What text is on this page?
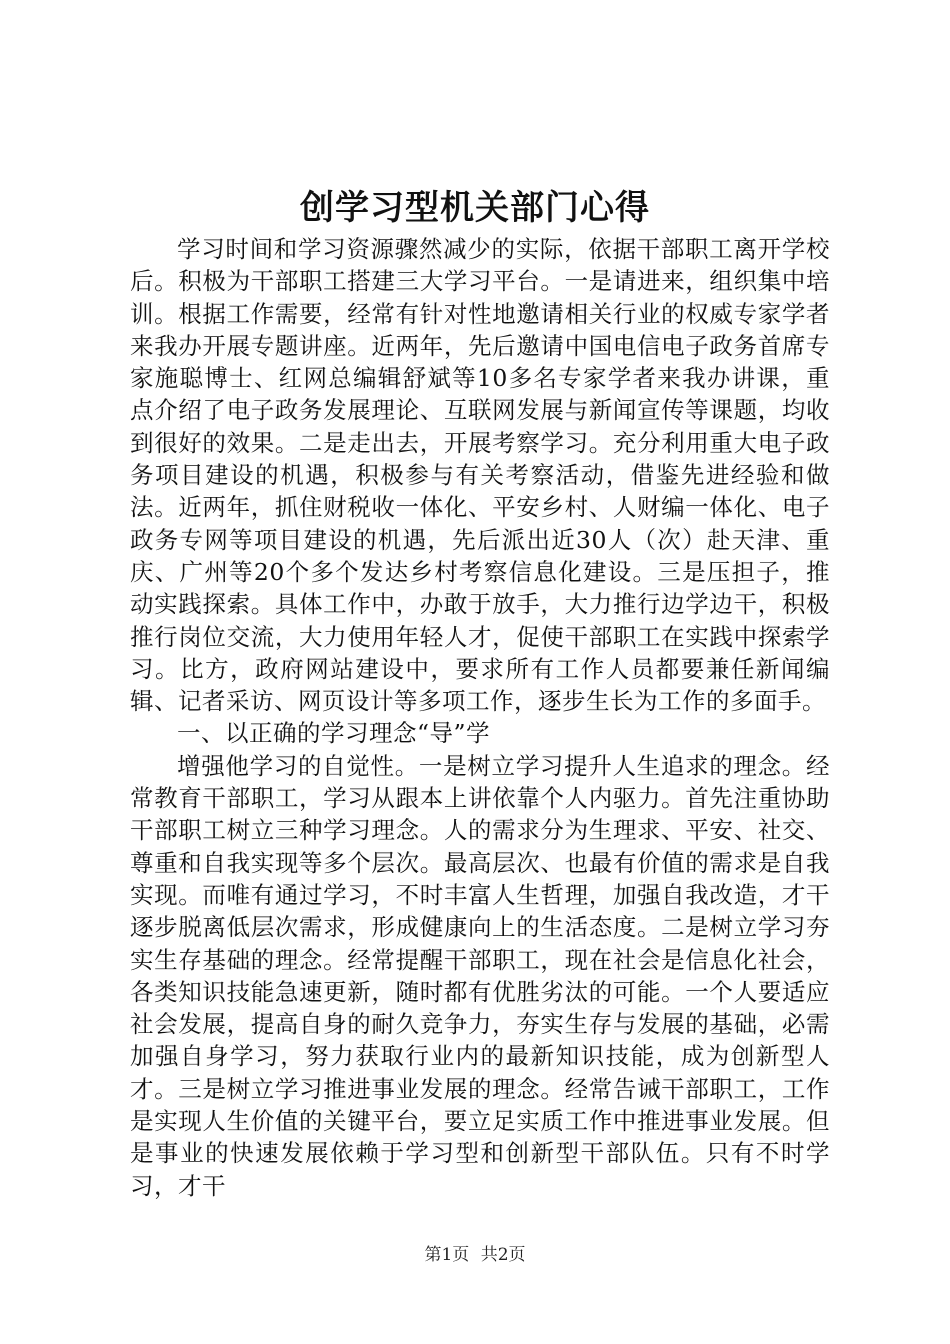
创学习型机关部门心得

学习时间和学习资源骤然减少的实际，依据干部职工离开学校后。积极为干部职工搭建三大学习平台。一是请进来，组织集中培训。根据工作需要，经常有针对性地邀请相关行业的权威专家学者来我办开展专题讲座。近两年，先后邀请中国电信电子政务首席专家施聪博士、红网总编辑舒斌等10多名专家学者来我办讲课，重点介绍了电子政务发展理论、互联网发展与新闻宣传等课题，均收到很好的效果。二是走出去，开展考察学习。充分利用重大电子政务项目建设的机遇，积极参与有关考察活动，借鉴先进经验和做法。近两年，抓住财税收一体化、平安乡村、人财编一体化、电子政务专网等项目建设的机遇，先后派出近30人（次）赴天津、重庆、广州等20个多个发达乡村考察信息化建设。三是压担子，推动实践探索。具体工作中，办敢于放手，大力推行边学边干，积极推行岗位交流，大力使用年轻人才，促使干部职工在实践中探索学习。比方，政府网站建设中，要求所有工作人员都要兼任新闻编辑、记者采访、网页设计等多项工作，逐步生长为工作的多面手。

一、以正确的学习理念“导”学

增强他学习的自觉性。一是树立学习提升人生追求的理念。经常教育干部职工，学习从跟本上讲依靠个人内驱力。首先注重协助干部职工树立三种学习理念。人的需求分为生理求、平安、社交、尊重和自我实现等多个层次。最高层次、也最有价值的需求是自我实现。而唯有通过学习，不时丰富人生哲理，加强自我改造，才干逐步脱离低层次需求，形成健康向上的生活态度。二是树立学习夯实生存基础的理念。经常提醒干部职工，现在社会是信息化社会，各类知识技能急速更新，随时都有优胜劣汰的可能。一个人要适应社会发展，提高自身的耐久竞争力，夯实生存与发展的基础，必需加强自身学习，努力获取行业内的最新知识技能，成为创新型人才。三是树立学习推进事业发展的理念。经常告诫干部职工，工作是实现人生价值的关键平台，要立足实质工作中推进事业发展。但是事业的快速发展依赖于学习型和创新型干部队伍。只有不时学习，才干

第1页 共2页
